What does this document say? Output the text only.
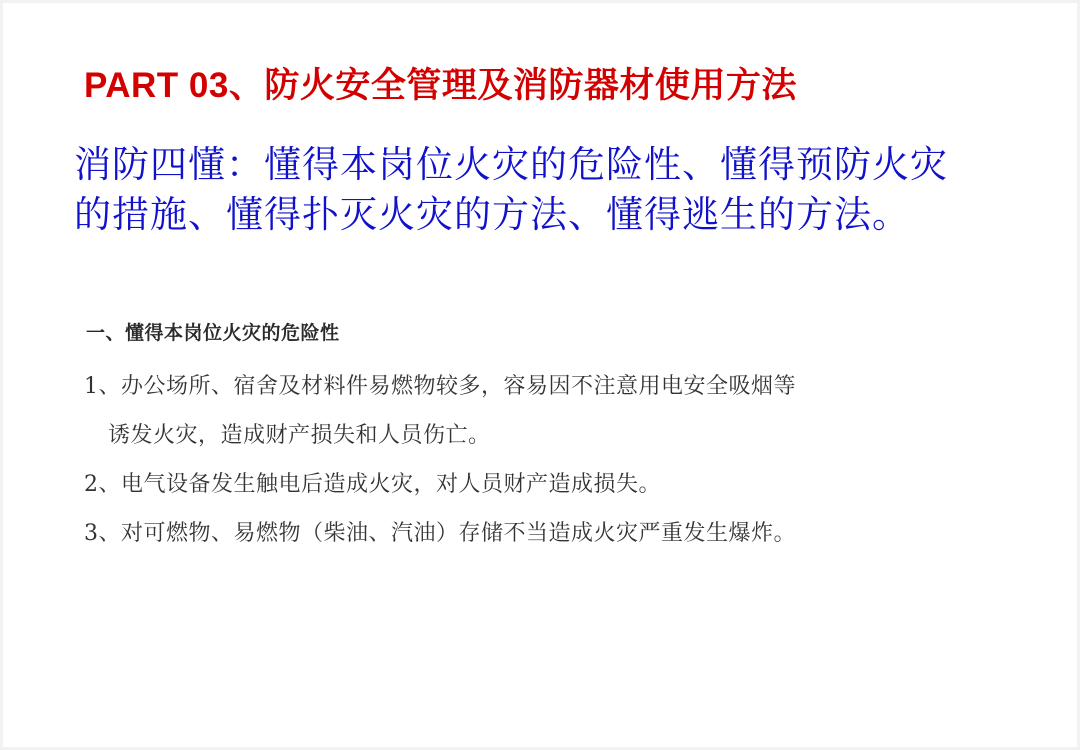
PART 03、防火安全管理及消防器材使用方法
消防四懂：懂得本岗位火灾的危险性、懂得预防火灾的措施、懂得扑灭火灾的方法、懂得逃生的方法。
一、懂得本岗位火灾的危险性
1、办公场所、宿舍及材料件易燃物较多，容易因不注意用电安全吸烟等
诱发火灾，造成财产损失和人员伤亡。
2、电气设备发生触电后造成火灾，对人员财产造成损失。
3、对可燃物、易燃物（柴油、汽油）存储不当造成火灾严重发生爆炸。
